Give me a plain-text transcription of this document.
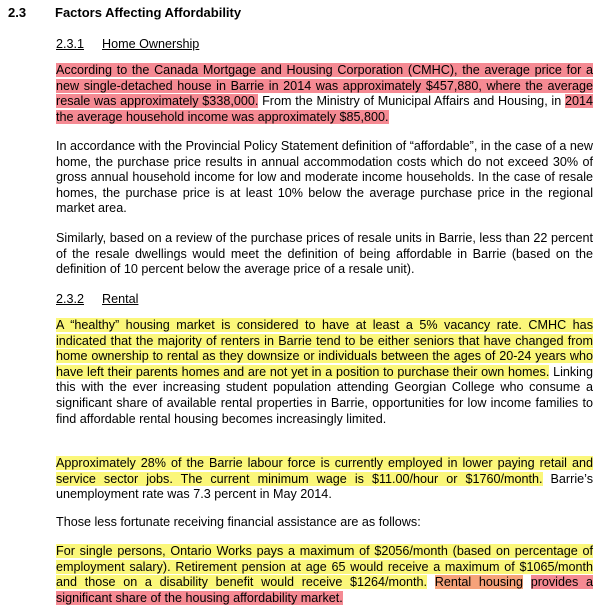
2.3 Factors Affecting Affordability
2.3.1 Home Ownership

According to the Canada Mortgage and Housing Corporation (CMHC), the average price for a new single-detached house in Barrie in 2014 was approximately $457,880, where the average resale was approximately $338,000. From the Ministry of Municipal Affairs and Housing, in 2014 the average household income was approximately $85,800.

In accordance with the Provincial Policy Statement definition of “affordable”, in the case of a new home, the purchase price results in annual accommodation costs which do not exceed 30% of gross annual household income for low and moderate income households. In the case of resale homes, the purchase price is at least 10% below the average purchase price in the regional market area.

Similarly, based on a review of the purchase prices of resale units in Barrie, less than 22 percent of the resale dwellings would meet the definition of being affordable in Barrie (based on the definition of 10 percent below the average price of a resale unit).

2.3.2 Rental

A “healthy” housing market is considered to have at least a 5% vacancy rate. CMHC has indicated that the majority of renters in Barrie tend to be either seniors that have changed from home ownership to rental as they downsize or individuals between the ages of 20-24 years who have left their parents homes and are not yet in a position to purchase their own homes. Linking this with the ever increasing student population attending Georgian College who consume a significant share of available rental properties in Barrie, opportunities for low income families to find affordable rental housing becomes increasingly limited.

Approximately 28% of the Barrie labour force is currently employed in lower paying retail and service sector jobs. The current minimum wage is $11.00/hour or $1760/month. Barrie’s unemployment rate was 7.3 percent in May 2014.

Those less fortunate receiving financial assistance are as follows:

For single persons, Ontario Works pays a maximum of $2056/month (based on percentage of employment salary). Retirement pension at age 65 would receive a maximum of $1065/month and those on a disability benefit would receive $1264/month. Rental housing provides a significant share of the housing affordability market.
